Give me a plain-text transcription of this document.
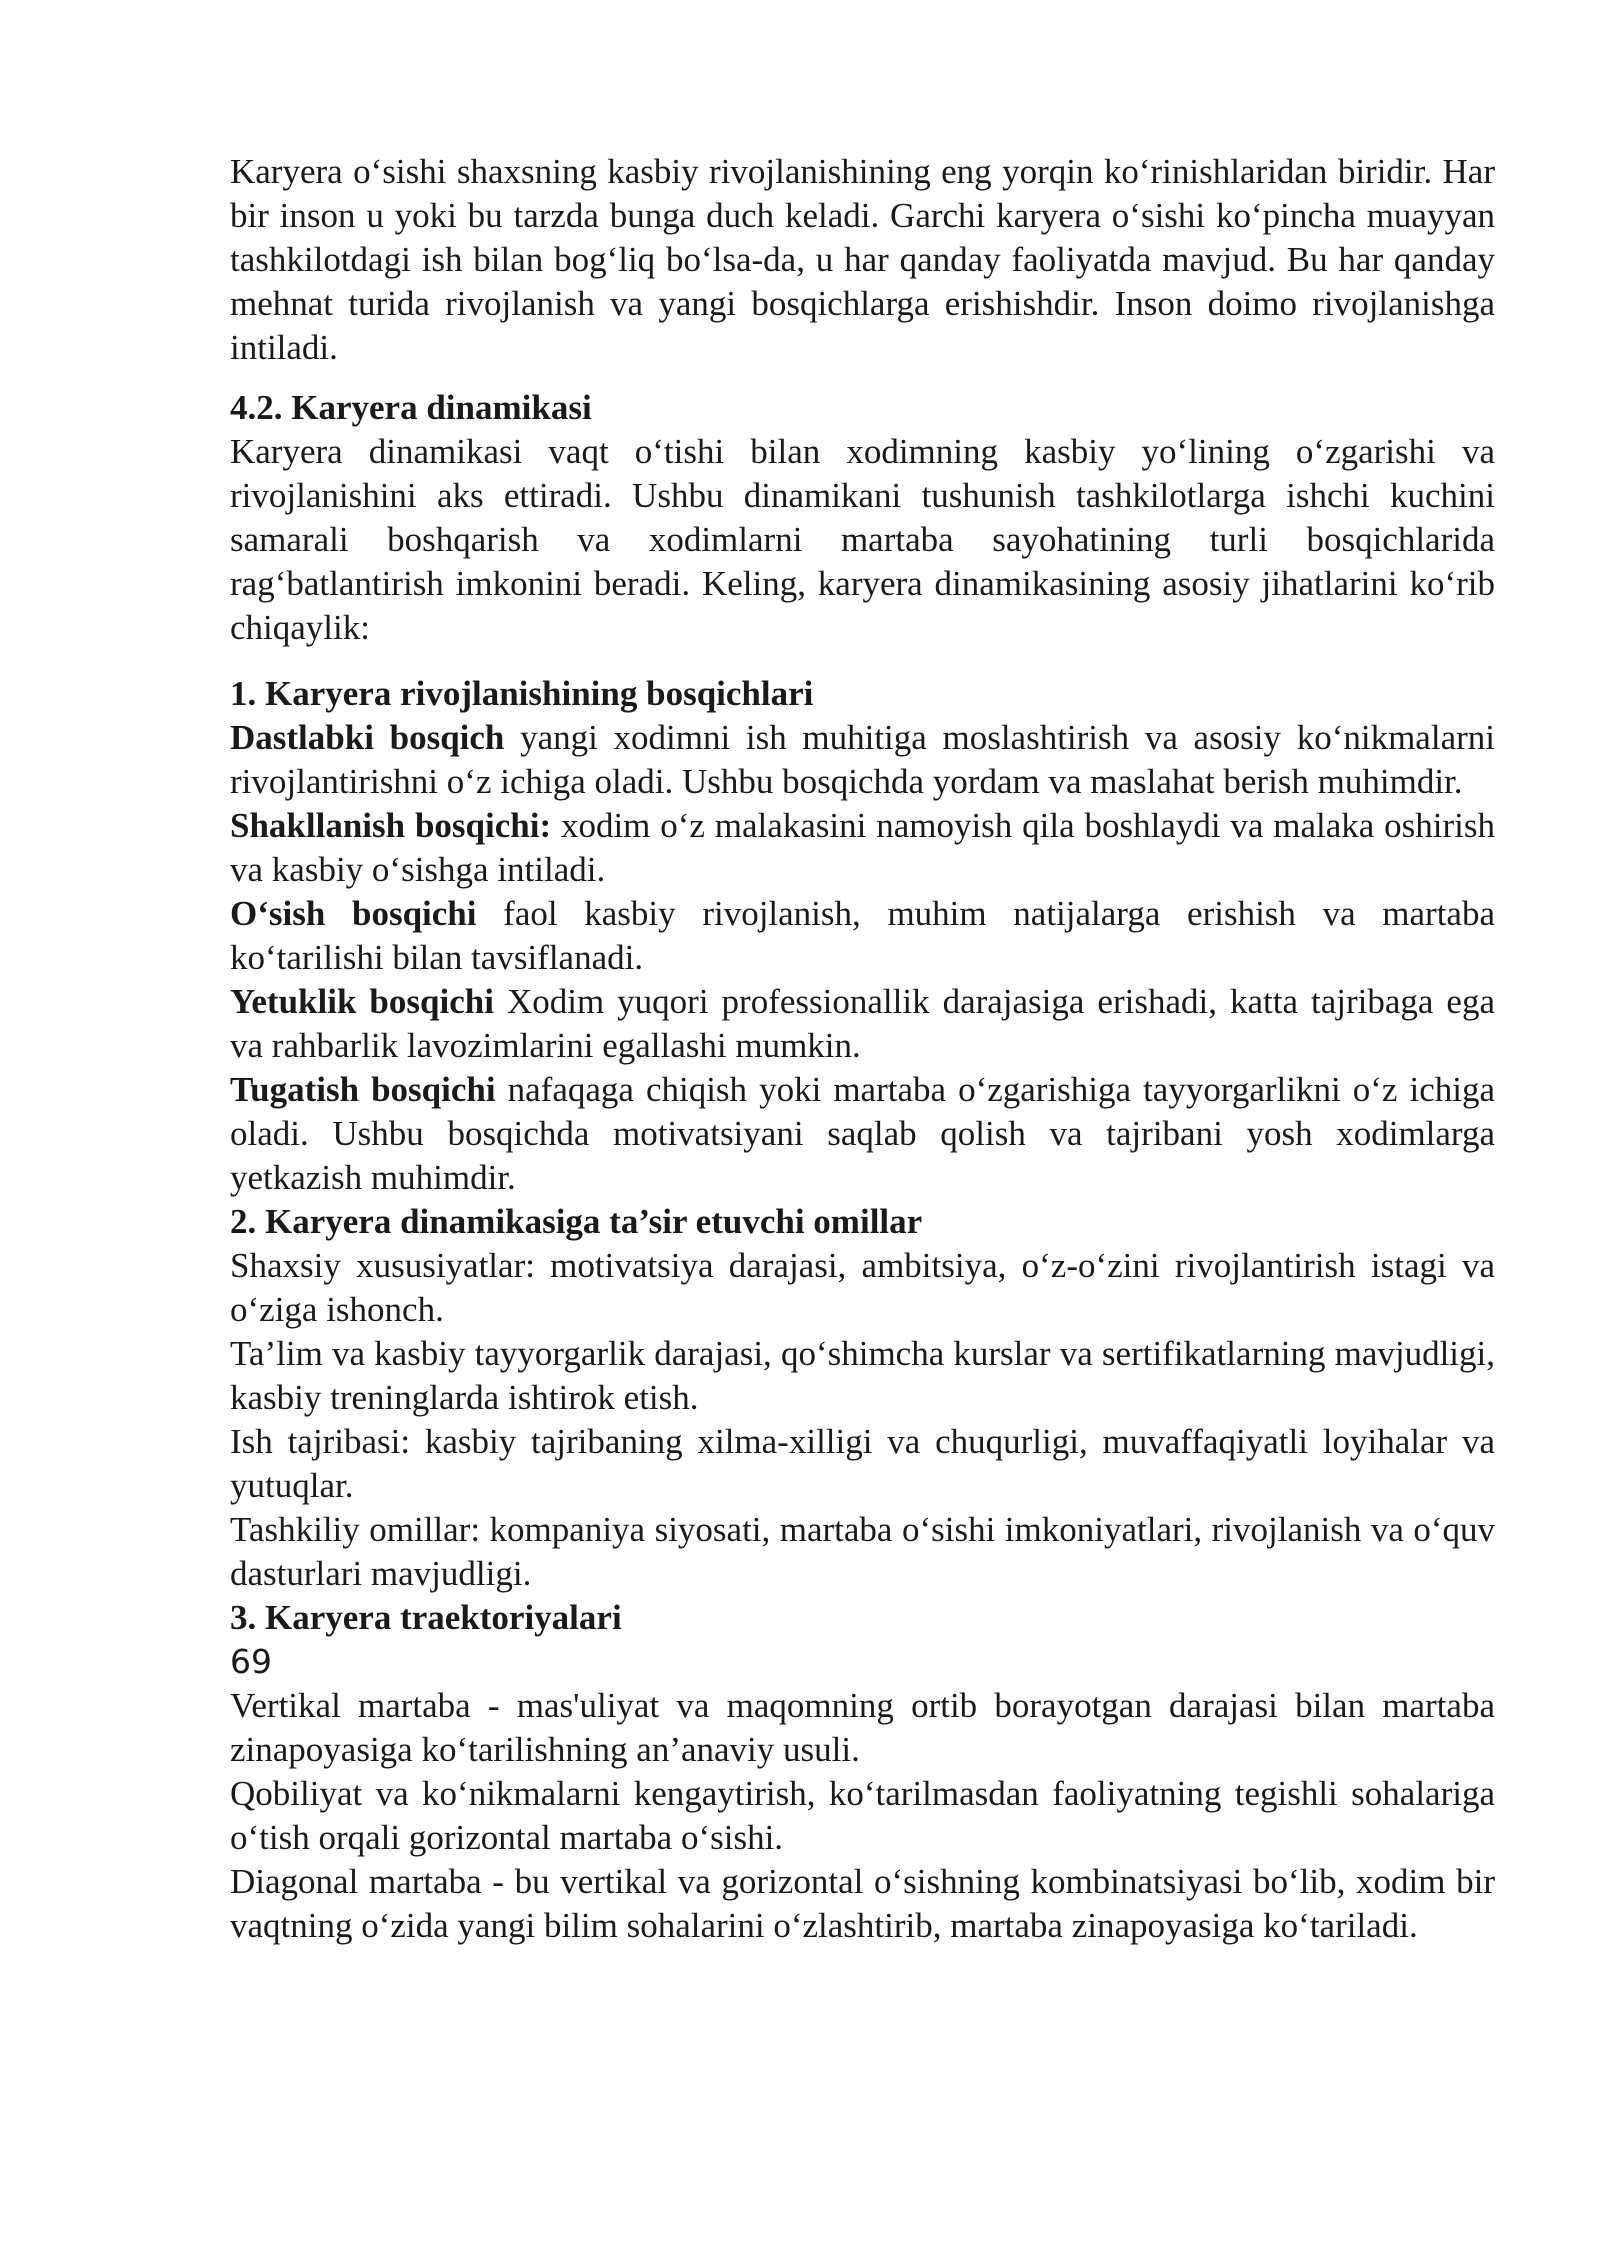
Karyera o‘sishi shaxsning kasbiy rivojlanishining eng yorqin ko‘rinishlaridan biridir. Har bir inson u yoki bu tarzda bunga duch keladi. Garchi karyera o‘sishi ko‘pincha muayyan tashkilotdagi ish bilan bog‘liq bo‘lsa-da, u har qanday faoliyatda mavjud. Bu har qanday mehnat turida rivojlanish va yangi bosqichlarga erishishdir. Inson doimo rivojlanishga intiladi.

4.2. Karyera dinamikasi

Karyera dinamikasi vaqt o‘tishi bilan xodimning kasbiy yo‘lining o‘zgarishi va rivojlanishini aks ettiradi. Ushbu dinamikani tushunish tashkilotlarga ishchi kuchini samarali boshqarish va xodimlarni martaba sayohatining turli bosqichlarida rag‘batlantirish imkonini beradi. Keling, karyera dinamikasining asosiy jihatlarini ko‘rib chiqaylik:

1. Karyera rivojlanishining bosqichlari

Dastlabki bosqich yangi xodimni ish muhitiga moslashtirish va asosiy ko‘nikmalarni rivojlantirishni o‘z ichiga oladi. Ushbu bosqichda yordam va maslahat berish muhimdir.

Shakllanish bosqichi: xodim o‘z malakasini namoyish qila boshlaydi va malaka oshirish va kasbiy o‘sishga intiladi.

O‘sish bosqichi faol kasbiy rivojlanish, muhim natijalarga erishish va martaba ko‘tarilishi bilan tavsiflanadi.

Yetuklik bosqichi Xodim yuqori professionallik darajasiga erishadi, katta tajribaga ega va rahbarlik lavozimlarini egallashi mumkin.

Tugatish bosqichi nafaqaga chiqish yoki martaba o‘zgarishiga tayyorgarlikni o‘z ichiga oladi. Ushbu bosqichda motivatsiyani saqlab qolish va tajribani yosh xodimlarga yetkazish muhimdir.

2. Karyera dinamikasiga ta’sir etuvchi omillar

Shaxsiy xususiyatlar: motivatsiya darajasi, ambitsiya, o‘z-o‘zini rivojlantirish istagi va o‘ziga ishonch.

Ta’lim va kasbiy tayyorgarlik darajasi, qo‘shimcha kurslar va sertifikatlarning mavjudligi, kasbiy treninglarda ishtirok etish.

Ish tajribasi: kasbiy tajribaning xilma-xilligi va chuqurligi, muvaffaqiyatli loyihalar va yutuqlar.

Tashkiliy omillar: kompaniya siyosati, martaba o‘sishi imkoniyatlari, rivojlanish va o‘quv dasturlari mavjudligi.

3. Karyera traektoriyalari
69

Vertikal martaba - mas'uliyat va maqomning ortib borayotgan darajasi bilan martaba zinapoyasiga ko‘tarilishning an’anaviy usuli.

Qobiliyat va ko‘nikmalarni kengaytirish, ko‘tarilmasdan faoliyatning tegishli sohalariga o‘tish orqali gorizontal martaba o‘sishi.

Diagonal martaba - bu vertikal va gorizontal o‘sishning kombinatsiyasi bo‘lib, xodim bir vaqtning o‘zida yangi bilim sohalarini o‘zlashtirib, martaba zinapoyasiga ko‘tariladi.
